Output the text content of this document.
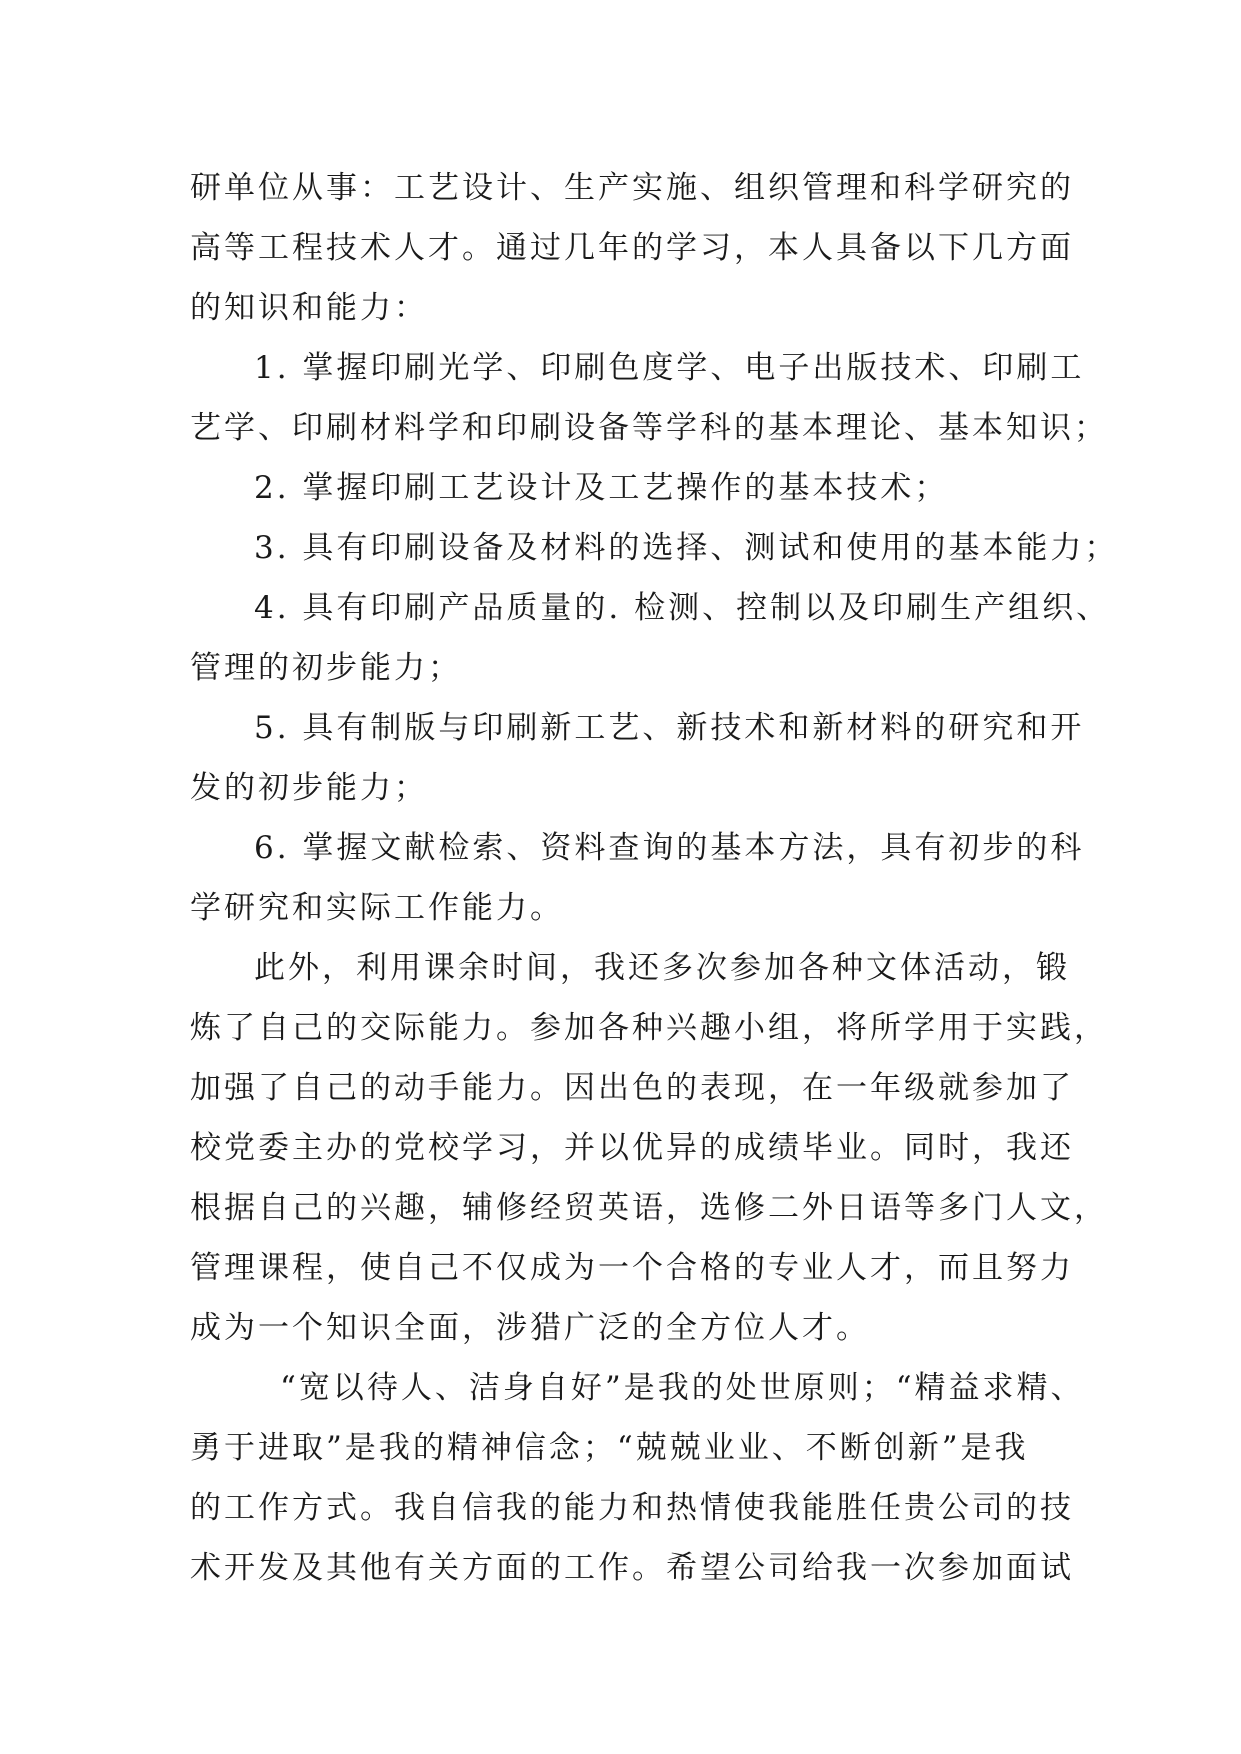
研单位从事：工艺设计、生产实施、组织管理和科学研究的
高等工程技术人才。通过几年的学习，本人具备以下几方面
的知识和能力：
1. 掌握印刷光学、印刷色度学、电子出版技术、印刷工
艺学、印刷材料学和印刷设备等学科的基本理论、基本知识；
2. 掌握印刷工艺设计及工艺操作的基本技术；
3. 具有印刷设备及材料的选择、测试和使用的基本能力；
4. 具有印刷产品质量的. 检测、控制以及印刷生产组织、
管理的初步能力；
5. 具有制版与印刷新工艺、新技术和新材料的研究和开
发的初步能力；
6. 掌握文献检索、资料查询的基本方法，具有初步的科
学研究和实际工作能力。
此外，利用课余时间，我还多次参加各种文体活动，锻
炼了自己的交际能力。参加各种兴趣小组，将所学用于实践，
加强了自己的动手能力。因出色的表现，在一年级就参加了
校党委主办的党校学习，并以优异的成绩毕业。同时，我还
根据自己的兴趣，辅修经贸英语，选修二外日语等多门人文，
管理课程，使自己不仅成为一个合格的专业人才，而且努力
成为一个知识全面，涉猎广泛的全方位人才。
“宽以待人、洁身自好”是我的处世原则；“精益求精、
勇于进取”是我的精神信念；“兢兢业业、不断创新”是我
的工作方式。我自信我的能力和热情使我能胜任贵公司的技
术开发及其他有关方面的工作。希望公司给我一次参加面试
